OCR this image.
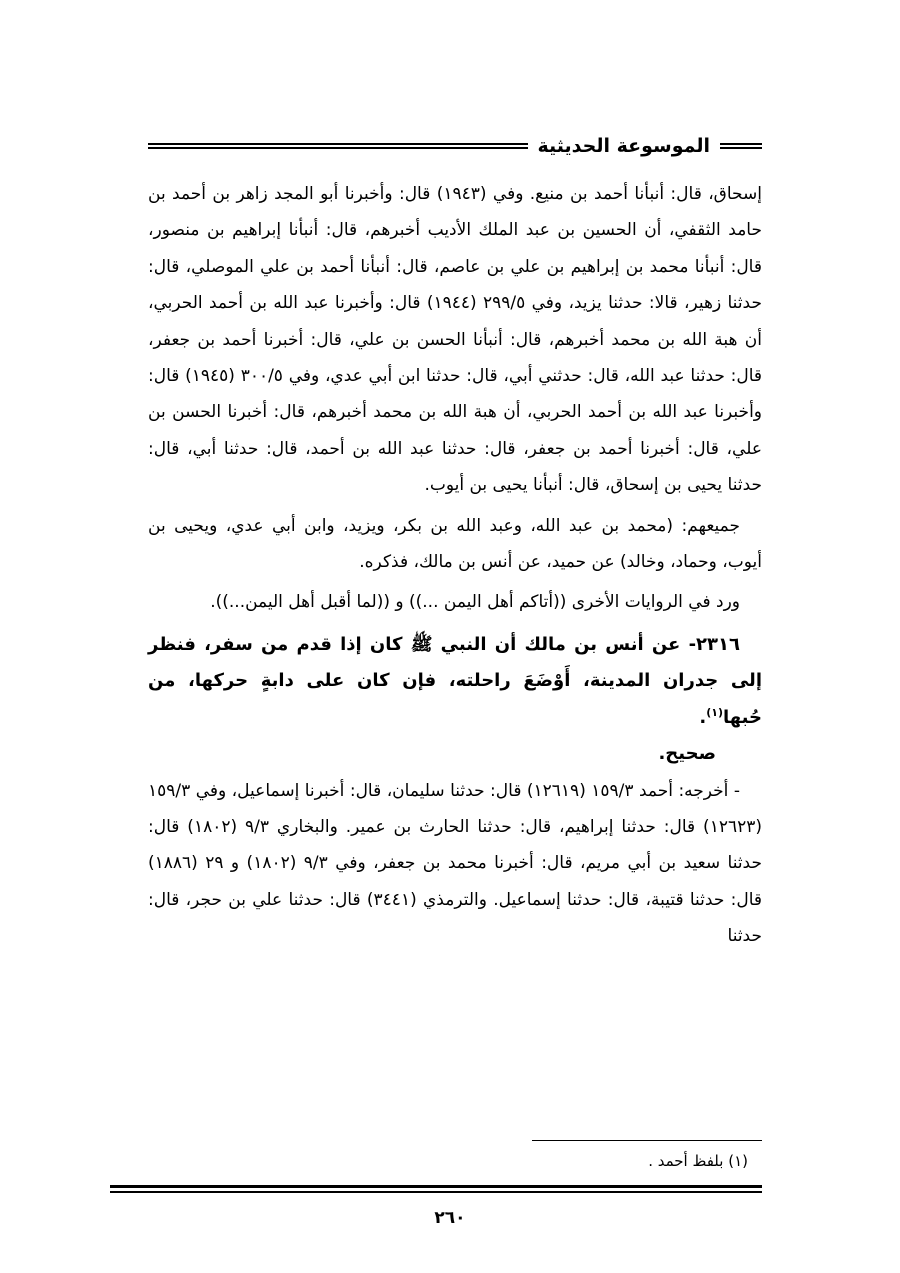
الموسوعة الحديثية

إسحاق، قال: أنبأنا أحمد بن منيع. وفي (١٩٤٣) قال: وأخبرنا أبو المجد زاهر بن أحمد بن حامد الثقفي، أن الحسين بن عبد الملك الأديب أخبرهم، قال: أنبأنا إبراهيم بن منصور، قال: أنبأنا محمد بن إبراهيم بن علي بن عاصم، قال: أنبأنا أحمد بن علي الموصلي، قال: حدثنا زهير، قالا: حدثنا يزيد، وفي ٢٩٩/٥ (١٩٤٤) قال: وأخبرنا عبد الله بن أحمد الحربي، أن هبة الله بن محمد أخبرهم، قال: أنبأنا الحسن بن علي، قال: أخبرنا أحمد بن جعفر، قال: حدثنا عبد الله، قال: حدثني أبي، قال: حدثنا ابن أبي عدي، وفي ٣٠٠/٥ (١٩٤٥) قال: وأخبرنا عبد الله بن أحمد الحربي، أن هبة الله بن محمد أخبرهم، قال: أخبرنا الحسن بن علي، قال: أخبرنا أحمد بن جعفر، قال: حدثنا عبد الله بن أحمد، قال: حدثنا أبي، قال: حدثنا يحيى بن إسحاق، قال: أنبأنا يحيى بن أيوب.

جميعهم: (محمد بن عبد الله، وعبد الله بن بكر، ويزيد، وابن أبي عدي، ويحيى بن أيوب، وحماد، وخالد) عن حميد، عن أنس بن مالك، فذكره.

ورد في الروايات الأخرى ((أتاكم أهل اليمن ...)) و ((لما أقبل أهل اليمن...)).

٢٣١٦- عن أنس بن مالك أن النبي ﷺ كان إذا قدم من سفر، فنظر إلى جدران المدينة، أَوْضَعَ راحلته، فإن كان على دابةٍ حركها، من حُبها$^{(١)}$.

صحيح.

- أخرجه: أحمد ١٥٩/٣ (١٢٦١٩) قال: حدثنا سليمان، قال: أخبرنا إسماعيل، وفي ١٥٩/٣ (١٢٦٢٣) قال: حدثنا إبراهيم، قال: حدثنا الحارث بن عمير. والبخاري ٩/٣ (١٨٠٢) قال: حدثنا سعيد بن أبي مريم، قال: أخبرنا محمد بن جعفر، وفي ٩/٣ (١٨٠٢) و ٢٩ (١٨٨٦) قال: حدثنا قتيبة، قال: حدثنا إسماعيل. والترمذي (٣٤٤١) قال: حدثنا علي بن حجر، قال: حدثنا

(١) بلفظ أحمد .
٢٦٠
